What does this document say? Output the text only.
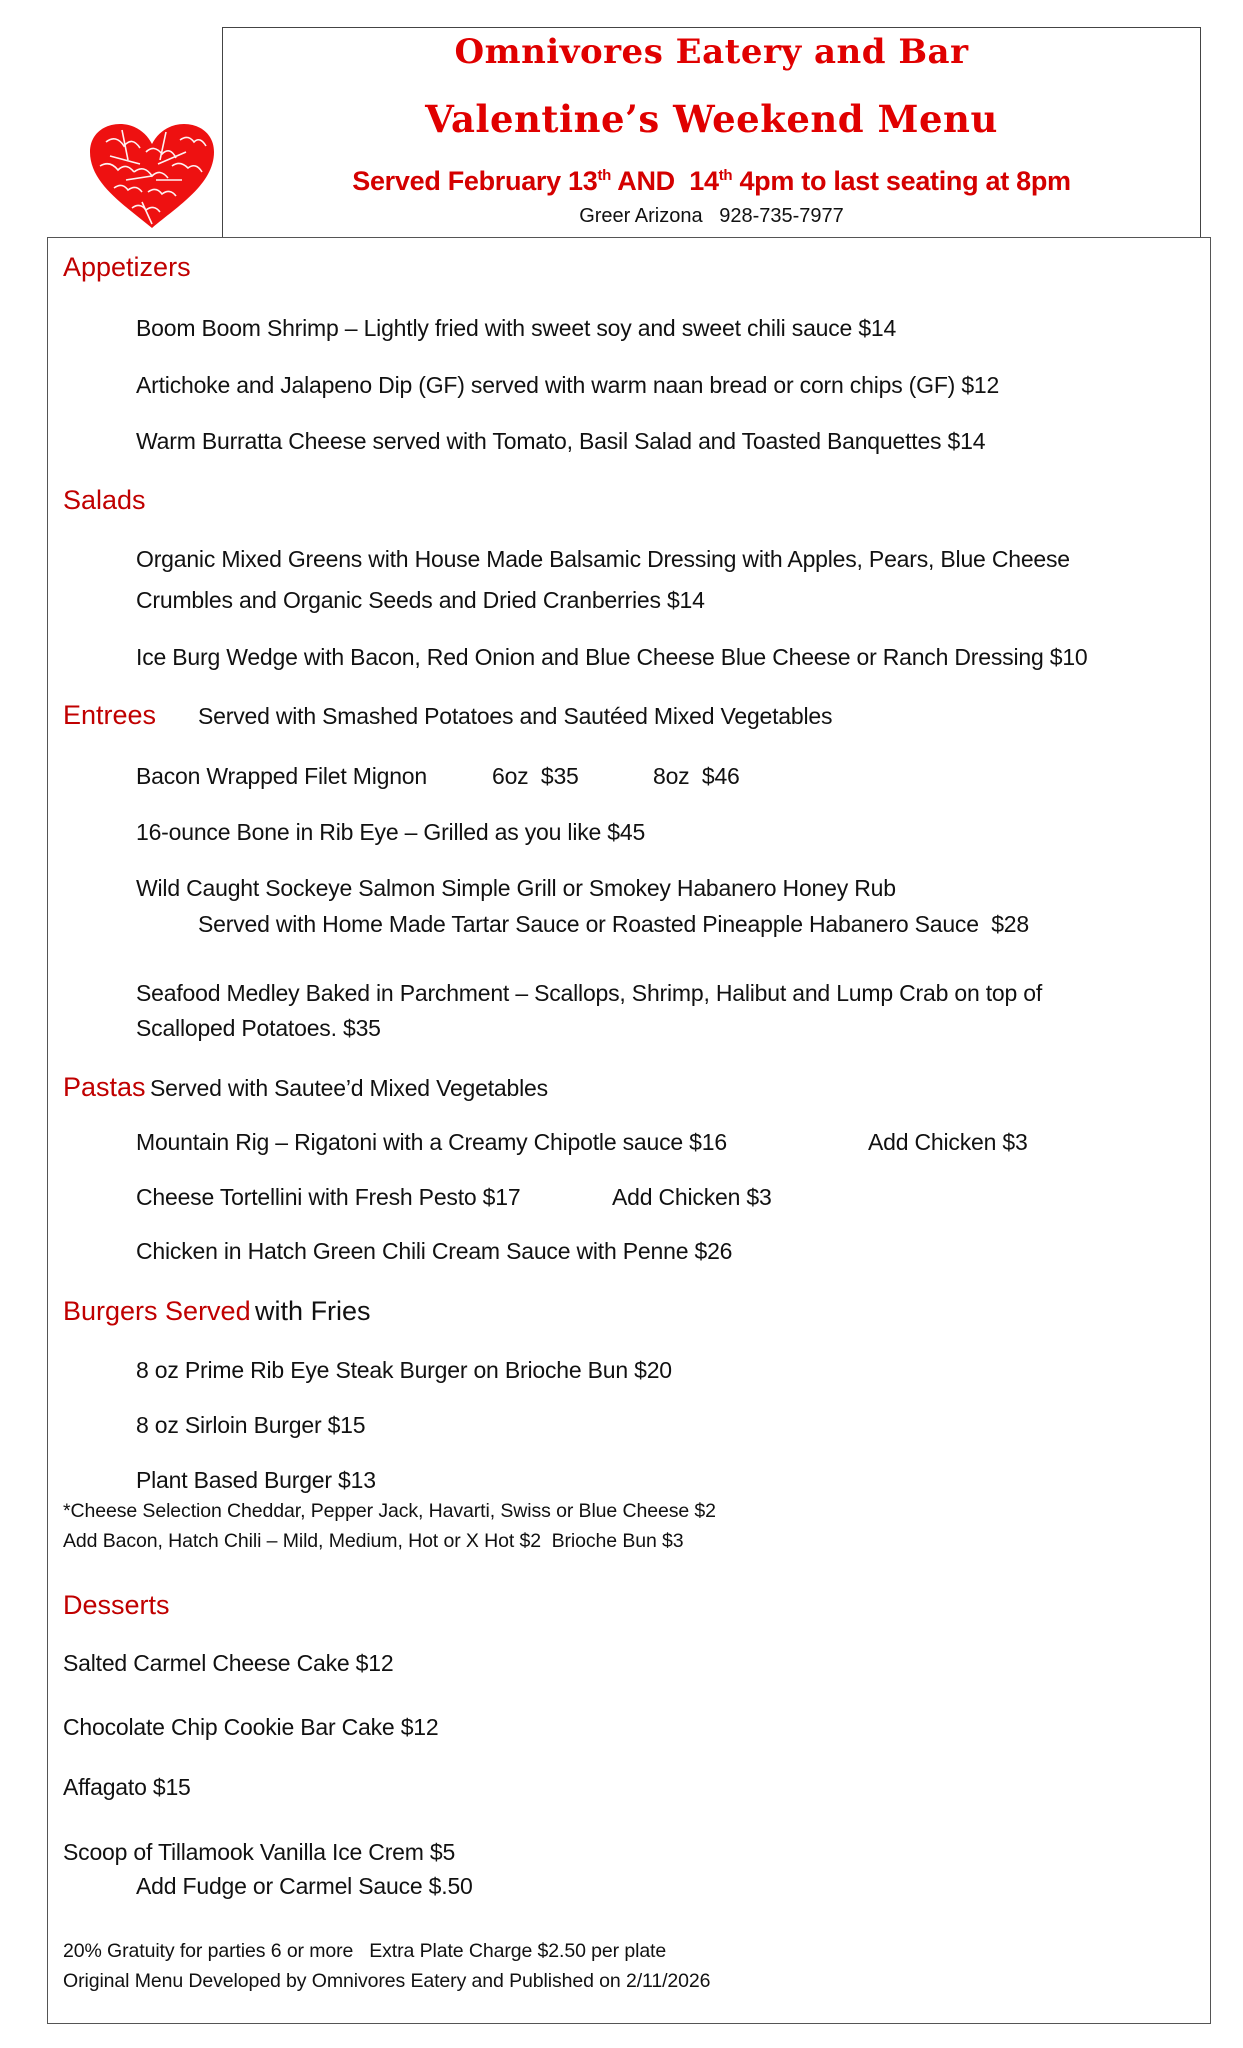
Omnivores Eatery and Bar
Valentine’s Weekend Menu
Served February 13th AND  14th 4pm to last seating at 8pm
Greer Arizona 928-735-7977
Appetizers
Boom Boom Shrimp – Lightly fried with sweet soy and sweet chili sauce $14
Artichoke and Jalapeno Dip (GF) served with warm naan bread or corn chips (GF) $12
Warm Burratta Cheese served with Tomato, Basil Salad and Toasted Banquettes $14
Salads
Organic Mixed Greens with House Made Balsamic Dressing with Apples, Pears, Blue Cheese
Crumbles and Organic Seeds and Dried Cranberries $14
Ice Burg Wedge with Bacon, Red Onion and Blue Cheese Blue Cheese or Ranch Dressing $10
Entrees Served with Smashed Potatoes and Sautéed Mixed Vegetables
Bacon Wrapped Filet Mignon	6oz  $35	8oz  $46
16-ounce Bone in Rib Eye – Grilled as you like $45
Wild Caught Sockeye Salmon Simple Grill or Smokey Habanero Honey Rub
Served with Home Made Tartar Sauce or Roasted Pineapple Habanero Sauce  $28
Seafood Medley Baked in Parchment – Scallops, Shrimp, Halibut and Lump Crab on top of
Scalloped Potatoes. $35
Pastas Served with Sautee’d Mixed Vegetables
Mountain Rig – Rigatoni with a Creamy Chipotle sauce $16	Add Chicken $3
Cheese Tortellini with Fresh Pesto $17	Add Chicken $3
Chicken in Hatch Green Chili Cream Sauce with Penne $26
Burgers Served with Fries
8 oz Prime Rib Eye Steak Burger on Brioche Bun $20
8 oz Sirloin Burger $15
Plant Based Burger $13
*Cheese Selection Cheddar, Pepper Jack, Havarti, Swiss or Blue Cheese $2
Add Bacon, Hatch Chili – Mild, Medium, Hot or X Hot $2  Brioche Bun $3
Desserts
Salted Carmel Cheese Cake $12
Chocolate Chip Cookie Bar Cake $12
Affagato $15
Scoop of Tillamook Vanilla Ice Crem $5
Add Fudge or Carmel Sauce $.50
20% Gratuity for parties 6 or more   Extra Plate Charge $2.50 per plate
Original Menu Developed by Omnivores Eatery and Published on 2/11/2026
